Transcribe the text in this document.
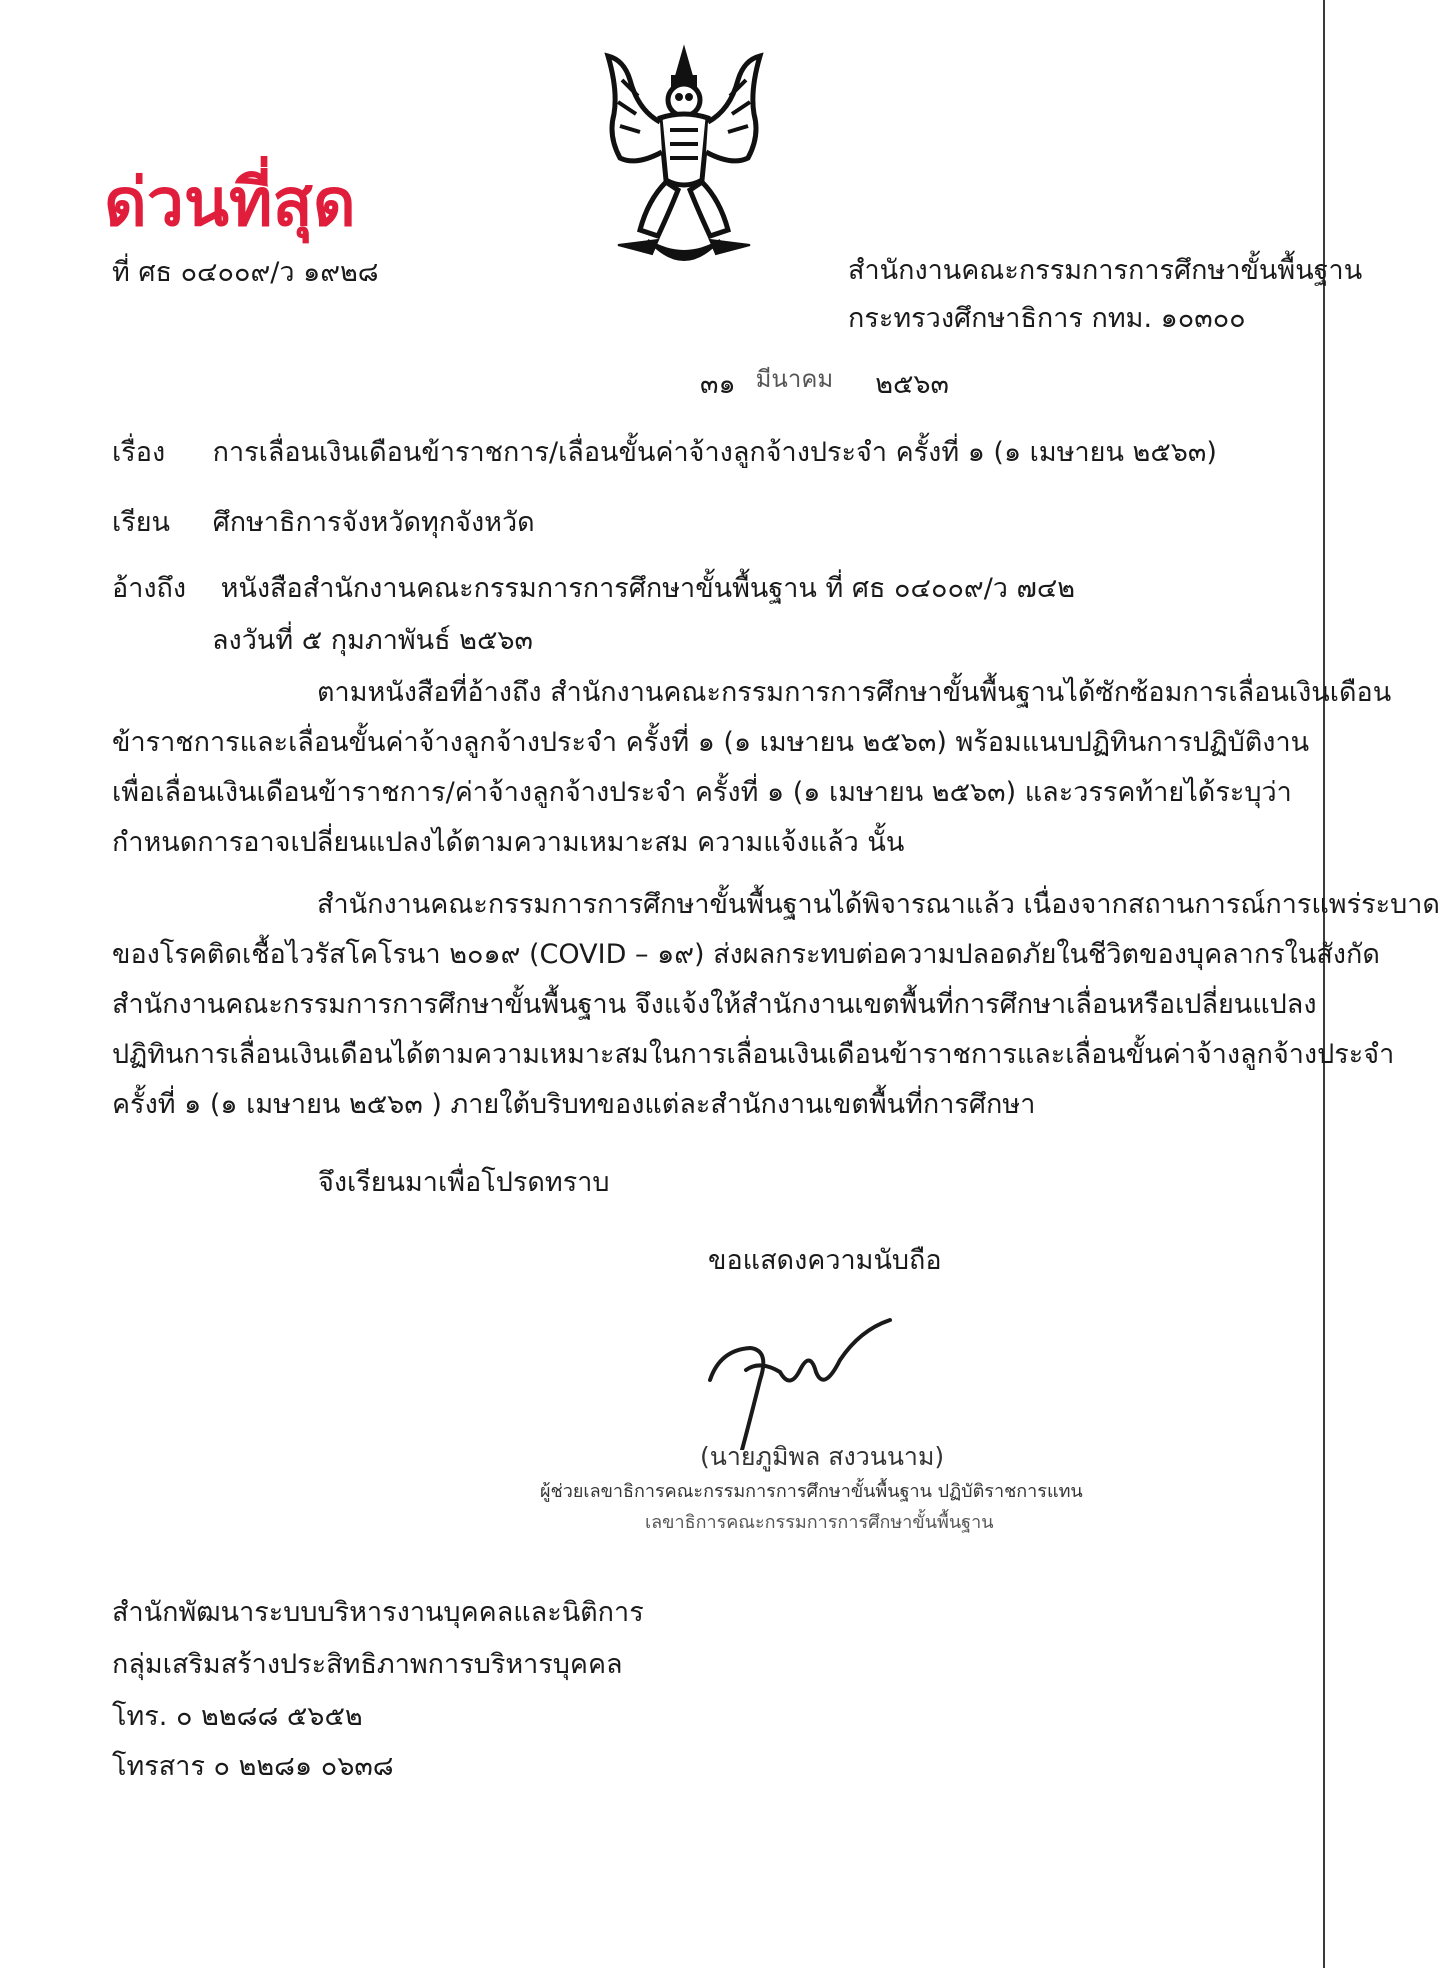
ด่วนที่สุด
ที่ ศธ ๐๔๐๐๙/ว ๑๙๒๘	สำนักงานคณะกรรมการการศึกษาขั้นพื้นฐาน
กระทรวงศึกษาธิการ กทม. ๑๐๓๐๐
๓๑ มีนาคม ๒๕๖๓
เรื่อง การเลื่อนเงินเดือนข้าราชการ/เลื่อนขั้นค่าจ้างลูกจ้างประจำ ครั้งที่ ๑ (๑ เมษายน ๒๕๖๓)
เรียน ศึกษาธิการจังหวัดทุกจังหวัด
อ้างถึง หนังสือสำนักงานคณะกรรมการการศึกษาขั้นพื้นฐาน ที่ ศธ ๐๔๐๐๙/ว ๗๔๒
ลงวันที่ ๕ กุมภาพันธ์ ๒๕๖๓
ตามหนังสือที่อ้างถึง สำนักงานคณะกรรมการการศึกษาขั้นพื้นฐานได้ซักซ้อมการเลื่อนเงินเดือน
ข้าราชการและเลื่อนขั้นค่าจ้างลูกจ้างประจำ ครั้งที่ ๑ (๑ เมษายน ๒๕๖๓) พร้อมแนบปฏิทินการปฏิบัติงาน
เพื่อเลื่อนเงินเดือนข้าราชการ/ค่าจ้างลูกจ้างประจำ ครั้งที่ ๑ (๑ เมษายน ๒๕๖๓) และวรรคท้ายได้ระบุว่า
กำหนดการอาจเปลี่ยนแปลงได้ตามความเหมาะสม ความแจ้งแล้ว นั้น
สำนักงานคณะกรรมการการศึกษาขั้นพื้นฐานได้พิจารณาแล้ว เนื่องจากสถานการณ์การแพร่ระบาด
ของโรคติดเชื้อไวรัสโคโรนา ๒๐๑๙ (COVID – ๑๙) ส่งผลกระทบต่อความปลอดภัยในชีวิตของบุคลากรในสังกัด
สำนักงานคณะกรรมการการศึกษาขั้นพื้นฐาน จึงแจ้งให้สำนักงานเขตพื้นที่การศึกษาเลื่อนหรือเปลี่ยนแปลง
ปฏิทินการเลื่อนเงินเดือนได้ตามความเหมาะสมในการเลื่อนเงินเดือนข้าราชการและเลื่อนขั้นค่าจ้างลูกจ้างประจำ
ครั้งที่ ๑ (๑ เมษายน ๒๕๖๓ ) ภายใต้บริบทของแต่ละสำนักงานเขตพื้นที่การศึกษา
จึงเรียนมาเพื่อโปรดทราบ
ขอแสดงความนับถือ
(นายภูมิพล สงวนนาม)
ผู้ช่วยเลขาธิการคณะกรรมการการศึกษาขั้นพื้นฐาน ปฏิบัติราชการแทน
เลขาธิการคณะกรรมการการศึกษาขั้นพื้นฐาน
สำนักพัฒนาระบบบริหารงานบุคคลและนิติการ
กลุ่มเสริมสร้างประสิทธิภาพการบริหารบุคคล
โทร. ๐ ๒๒๘๘ ๕๖๕๒
โทรสาร ๐ ๒๒๘๑ ๐๖๓๘
